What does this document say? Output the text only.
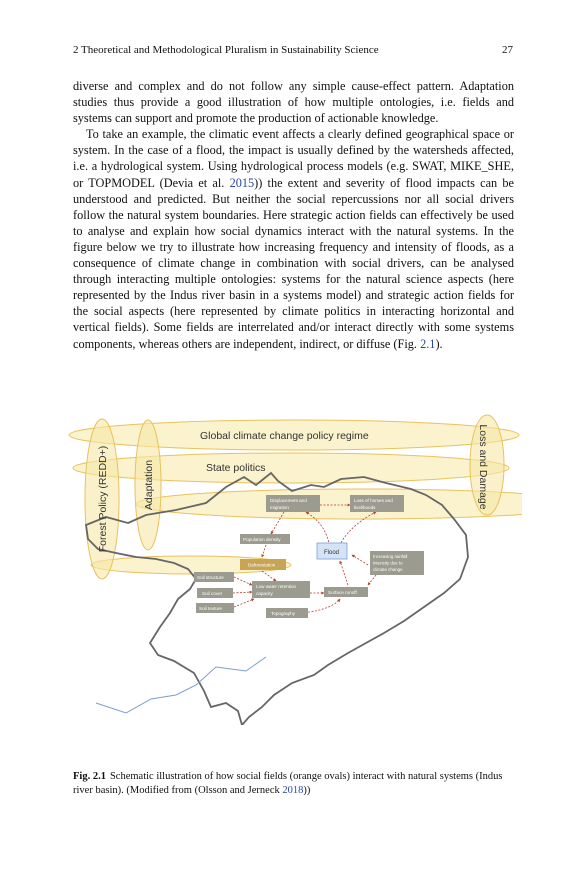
2 Theoretical and Methodological Pluralism in Sustainability Science	27

diverse and complex and do not follow any simple cause-effect pattern. Adaptation studies thus provide a good illustration of how multiple ontologies, i.e. fields and systems can support and promote the production of actionable knowledge.

To take an example, the climatic event affects a clearly defined geographical space or system. In the case of a flood, the impact is usually defined by the watersheds affected, i.e. a hydrological system. Using hydrological process models (e.g. SWAT, MIKE_SHE, or TOPMODEL (Devia et al. 2015)) the extent and severity of flood impacts can be understood and predicted. But neither the social repercussions nor all social drivers follow the natural system boundaries. Here strategic action fields can effectively be used to analyse and explain how social dynamics interact with the natural systems. In the figure below we try to illustrate how increasing frequency and intensity of floods, as a consequence of climate change in combination with social drivers, can be analysed through interacting multiple ontologies: systems for the natural science aspects (here represented by the Indus river basin in a systems model) and strategic action fields for the social aspects (here represented by climate politics in interacting horizontal and vertical fields). Some fields are interrelated and/or interact directly with some systems components, whereas others are independent, indirect, or diffuse (Fig. 2.1).

Forest Policy (REDD+)	Adaptation	Loss and Damage
Global climate change policy regime
State politics
Displacement and
migration
Loss of homes and
livelihoods
Population density
Flood
Increasing rainfall
intensity due to
climate change
Deforestation
Soil structure
Low water retention
capacity
Soil cover	Surface runoff
Soil texture
Topography
Fig. 2.1 Schematic illustration of how social fields (orange ovals) interact with natural systems (Indus river basin). (Modified from (Olsson and Jerneck 2018))
